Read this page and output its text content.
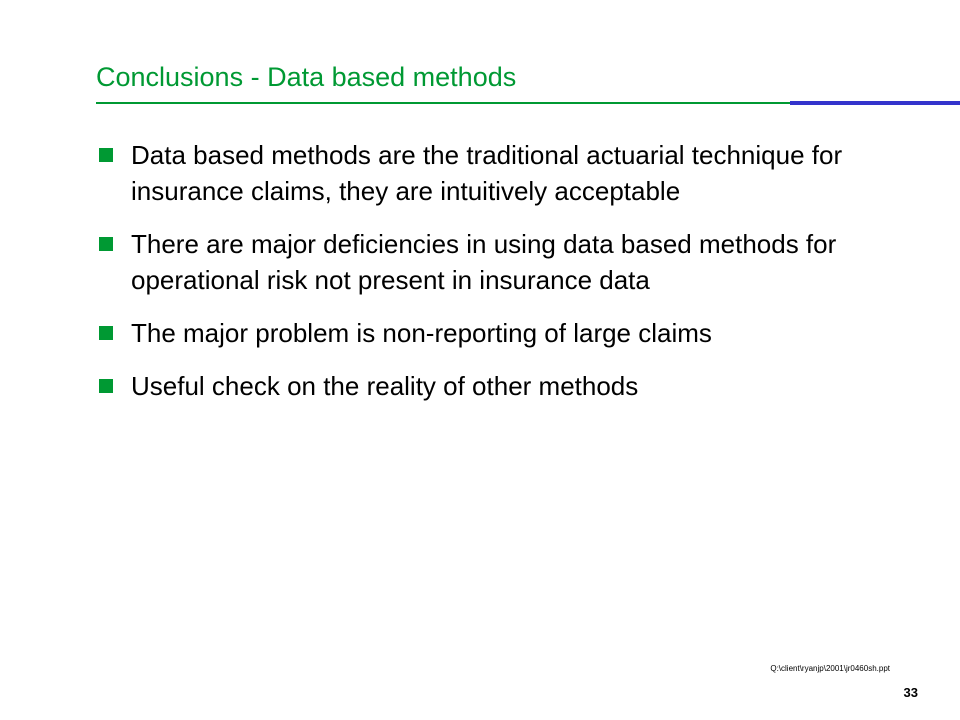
Conclusions - Data based methods
Data based methods are the traditional actuarial technique for insurance claims, they are intuitively acceptable
There are major deficiencies in using data based methods for operational risk not present in insurance data
The major problem is non-reporting of large claims
Useful check on the reality of other methods
Q:\client\ryanjp\2001\jr0460sh.ppt
33
